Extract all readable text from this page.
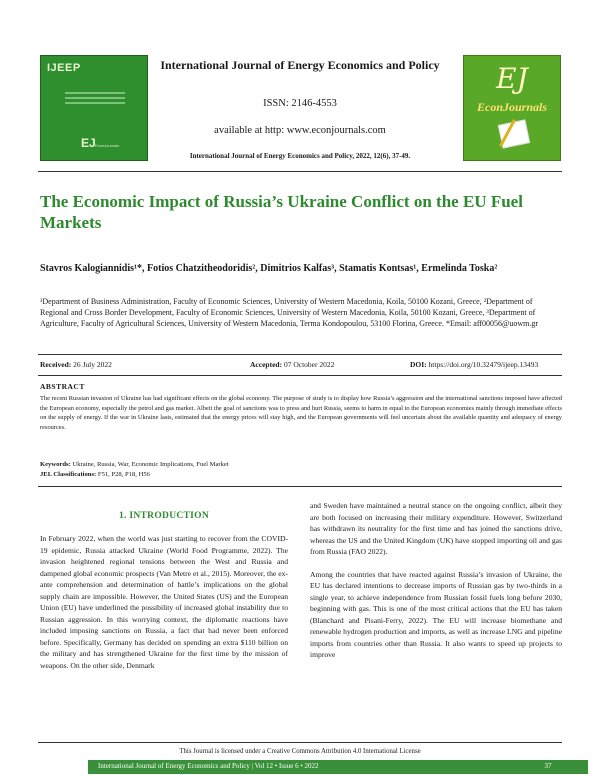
IJEEP
EJ EconJournals
International Journal of Energy Economics and Policy
ISSN: 2146-4553
available at http: www.econjournals.com
International Journal of Energy Economics and Policy, 2022, 12(6), 37-49.
EJ
EconJournals
The Economic Impact of Russia’s Ukraine Conflict on the EU Fuel Markets
Stavros Kalogiannidis¹*, Fotios Chatzitheodoridis², Dimitrios Kalfas³, Stamatis Kontsas¹, Ermelinda Toska²
¹Department of Business Administration, Faculty of Economic Sciences, University of Western Macedonia, Koila, 50100 Kozani, Greece, ²Department of Regional and Cross Border Development, Faculty of Economic Sciences, University of Western Macedonia, Koila, 50100 Kozani, Greece, ³Department of Agriculture, Faculty of Agricultural Sciences, University of Western Macedonia, Terma Kondopoulou, 53100 Florina, Greece. *Email: aff00056@uowm.gr
Received: 26 July 2022	Accepted: 07 October 2022	DOI: https://doi.org/10.32479/ijeep.13493
ABSTRACT
The recent Russian invasion of Ukraine has had significant effects on the global economy. The purpose of study is to display how Russia’s aggression and the international sanctions imposed have affected the European economy, especially the petrol and gas market. Albeit the goal of sanctions was to press and hurt Russia, seems to harm in equal to the European economies mainly through immediate effects on the supply of energy. If the war in Ukraine lasts, estimated that the energy prices will stay high, and the European governments will feel uncertain about the available quantity and adequacy of energy resources.
Keywords: Ukraine, Russia, War, Economic Implications, Fuel Market
JEL Classifications: F51, P28, P18, H56
1. INTRODUCTION

In February 2022, when the world was just starting to recover from the COVID-19 epidemic, Russia attacked Ukraine (World Food Programme, 2022). The invasion heightened regional tensions between the West and Russia and dampened global economic prospects (Van Metre et al., 2015). Moreover, the ex-ante comprehension and determination of battle’s implications on the global supply chain are impossible. However, the United States (US) and the European Union (EU) have underlined the possibility of increased global instability due to Russian aggression. In this worrying context, the diplomatic reactions have included imposing sanctions on Russia, a fact that had never been enforced before. Specifically, Germany has decided on spending an extra $110 billion on the military and has strengthened Ukraine for the first time by the mission of weapons. On the other side, Denmark

and Sweden have maintained a neutral stance on the ongoing conflict, albeit they are both focused on increasing their military expenditure. However, Switzerland has withdrawn its neutrality for the first time and has joined the sanctions drive, whereas the US and the United Kingdom (UK) have stopped importing oil and gas from Russia (FAO 2022).

Among the countries that have reacted against Russia’s invasion of Ukraine, the EU has declared intentions to decrease imports of Russian gas by two-thirds in a single year, to achieve independence from Russian fossil fuels long before 2030, beginning with gas. This is one of the most critical actions that the EU has taken (Blanchard and Pisani-Ferry, 2022). The EU will increase biomethane and renewable hydrogen production and imports, as well as increase LNG and pipeline imports from countries other than Russia. It also wants to speed up projects to improve

This Journal is licensed under a Creative Commons Attribution 4.0 International License
International Journal of Energy Economics and Policy | Vol 12 • Issue 6 • 2022	37
